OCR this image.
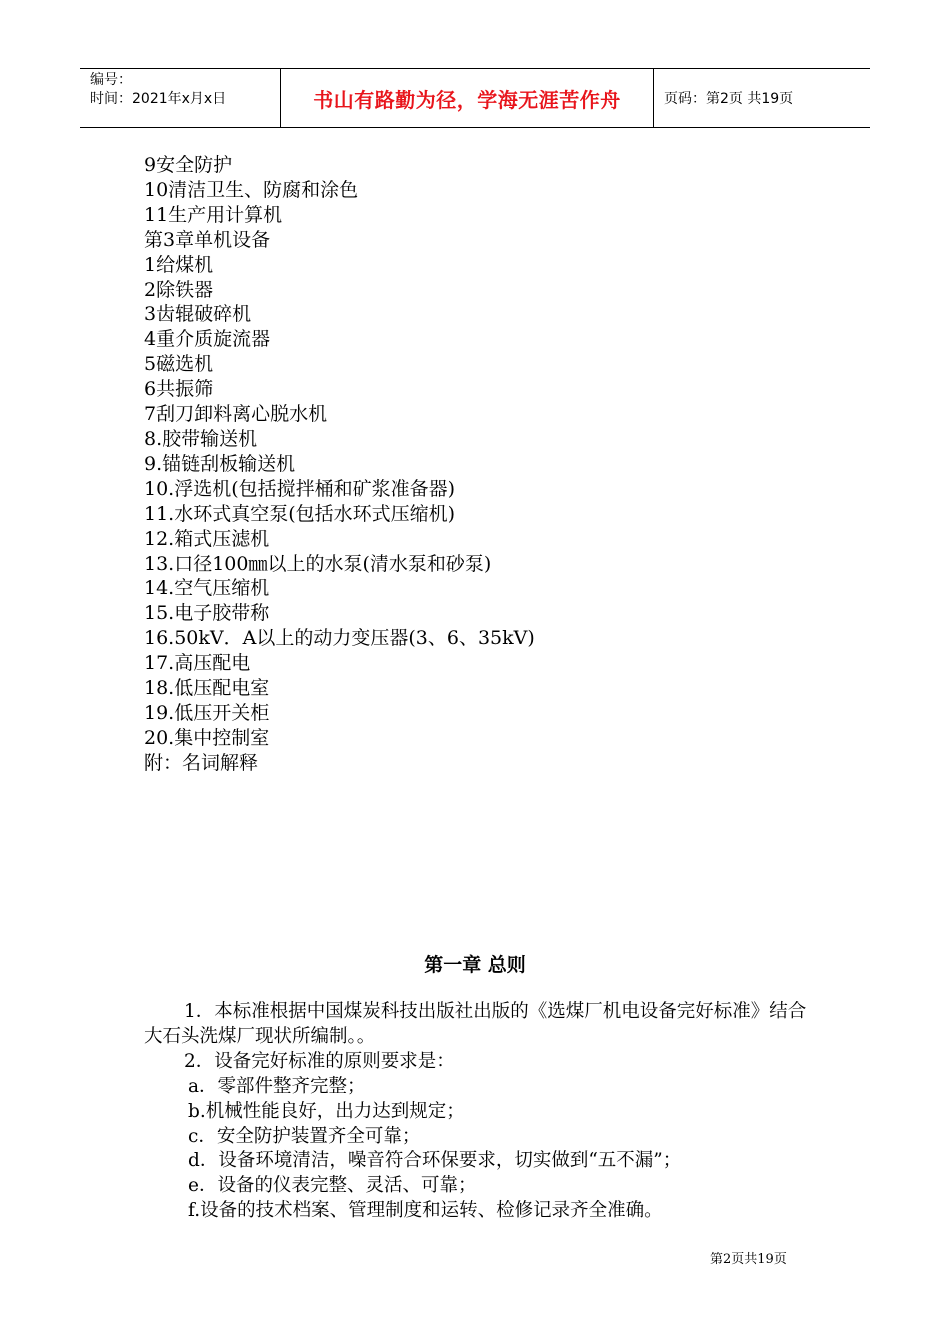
编号：
时间：2021年x月x日	书山有路勤为径，学海无涯苦作舟	页码：第2页 共19页
9安全防护
10清洁卫生、防腐和涂色
11生产用计算机
第3章单机设备
1给煤机
2除铁器
3齿辊破碎机
4重介质旋流器
5磁选机
6共振筛
7刮刀卸料离心脱水机
8.胶带输送机
9.锚链刮板输送机
10.浮选机(包括搅拌桶和矿浆准备器)
11.水环式真空泵(包括水环式压缩机)
12.箱式压滤机
13.口径100㎜以上的水泵(清水泵和砂泵)
14.空气压缩机
15.电子胶带称
16.50kV．A以上的动力变压器(3、6、35kV)
17.高压配电
18.低压配电室
19.低压开关柜
20.集中控制室
附：名词解释
第一章 总则

1．本标准根据中国煤炭科技出版社出版的《选煤厂机电设备完好标准》结合大石头洗煤厂现状所编制。。

2．设备完好标准的原则要求是：

a．零部件整齐完整；

b.机械性能良好，出力达到规定；

c．安全防护装置齐全可靠；

d．设备环境清洁，噪音符合环保要求，切实做到“五不漏”；

e．设备的仪表完整、灵活、可靠；

f.设备的技术档案、管理制度和运转、检修记录齐全准确。

第2页共19页
